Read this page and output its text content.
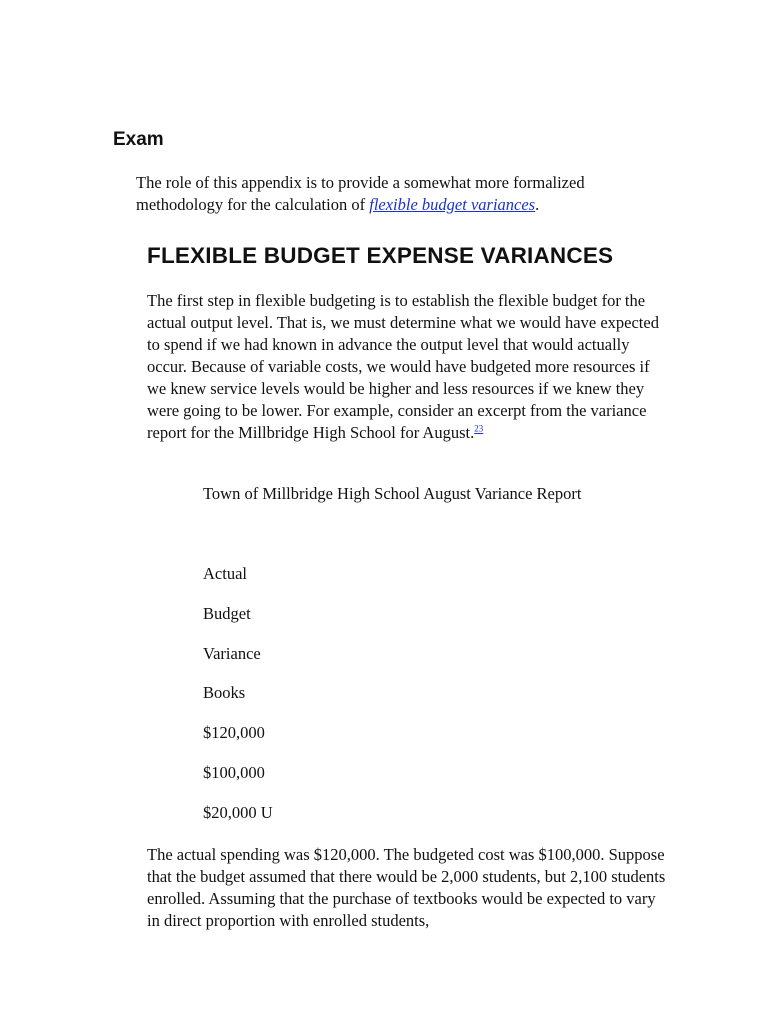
Exam

The role of this appendix is to provide a somewhat more formalized methodology for the calculation of flexible budget variances.

FLEXIBLE BUDGET EXPENSE VARIANCES

The first step in flexible budgeting is to establish the flexible budget for the actual output level. That is, we must determine what we would have expected to spend if we had known in advance the output level that would actually occur. Because of variable costs, we would have budgeted more resources if we knew service levels would be higher and less resources if we knew they were going to be lower. For example, consider an excerpt from the variance report for the Millbridge High School for August.$^{23}$

Town of Millbridge High School August Variance Report

Actual

Budget

Variance

Books

$120,000

$100,000

$20,000 U

The actual spending was $120,000. The budgeted cost was $100,000. Suppose that the budget assumed that there would be 2,000 students, but 2,100 students enrolled. Assuming that the purchase of textbooks would be expected to vary in direct proportion with enrolled students,
